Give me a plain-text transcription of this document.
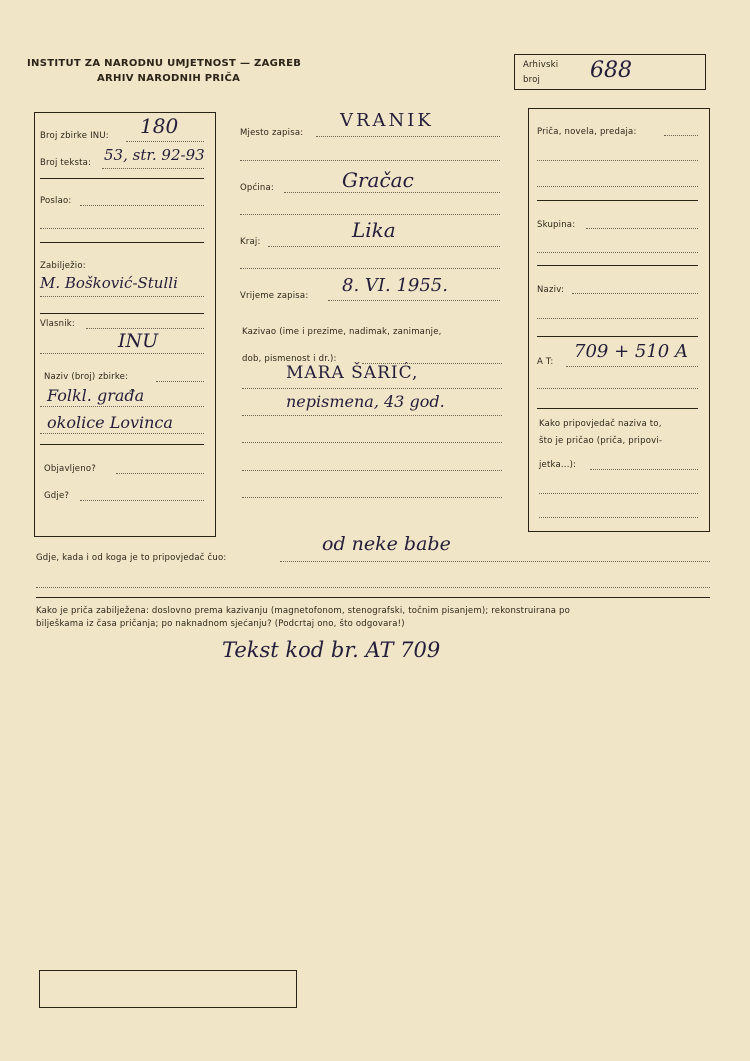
INSTITUT ZA NARODNU UMJETNOST — ZAGREB
ARHIV NARODNIH PRIČA
Arhivski
broj 688
Broj zbirke INU: 180
Broj teksta: 53, str. 92-93
Poslao:
Zabilježio:
M. Bošković-Stulli
Vlasnik:
INU
Naziv (broj) zbirke:
Folkl. građa
okolice Lovinca
Objavljeno?
Gdje?
Mjesto zapisa:
VRANIK
Općina:	Gračac
Kraj:	Lika
Vrijeme zapisa: 8. VI. 1955.
Kazivao (ime i prezime, nadimak, zanimanje,
dob, pismenost i dr.):
MARA ŠARIĆ,
nepismena, 43 god.
Priča, novela, predaja:
Skupina:
Naziv:
A T: 709 + 510 A
Kako pripovjedač naziva to,
što je pričao (priča, pripovi-
jetka...):
Gdje, kada i od koga je to pripovjedač čuo:
od neke babe
Kako je priča zabilježena: doslovno prema kazivanju (magnetofonom, stenografski, točnim pisanjem); rekonstruirana po
bilješkama iz časa pričanja; po naknadnom sjećanju? (Podcrtaj ono, što odgovara!)
Tekst kod br. AT 709
